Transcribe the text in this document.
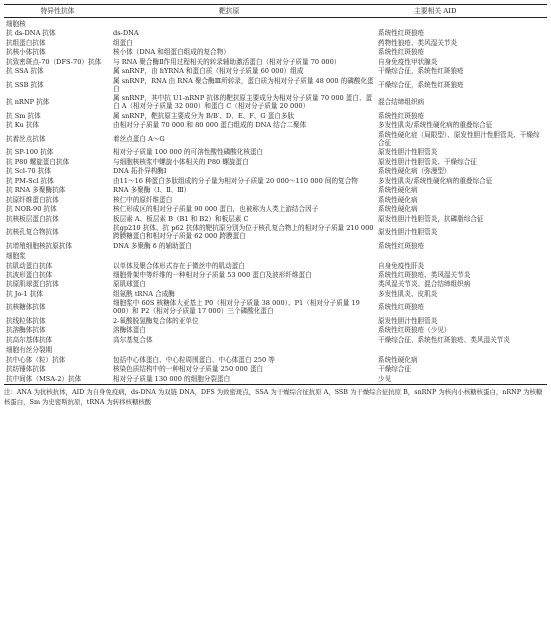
特异性抗体	靶抗原	主要相关 AID
细胞核		
抗 ds-DNA 抗体	ds-DNA	系统性红斑狼疮
抗组蛋白抗体	组蛋白	药物性狼疮、类风湿关节炎
抗核小体抗体	核小体（DNA 和组蛋白组成的复合物）	系统性红斑狼疮
抗致密斑点-70（DFS-70）抗体	与 RNA 聚合酶Ⅱ作用过程相关的转录辅助激活蛋白（相对分子质量 70 000）	自身免疫性甲状腺炎
抗 SSA 抗体	属 snRNP，由 hYRNA 和蛋白质（相对分子质量 60 000）组成	干燥综合征，系统性红斑狼疮
抗 SSB 抗体	属 snRNP，RNA 由 RNA 聚合酶Ⅲ所转录，蛋白质为相对分子质量 48 000 的磷酸化蛋白	干燥综合征，系统性红斑狼疮
抗 nRNP 抗体	属 snRNP，其中抗 U1-nRNP 抗体的靶抗原主要成分为相对分子质量 70 000 蛋白、蛋白 A（相对分子质量 32 000）和蛋白 C（相对分子质量 20 000）	混合结缔组织病
抗 Sm 抗体	属 snRNP，靶抗原主要成分为 B/B′、D、E、F、G 蛋白多肽	系统性红斑狼疮
抗 Ku 抗体	由相对分子质量 70 000 和 80 000 蛋白组成的 DNA 结合二聚体	多发性肌炎/系统性硬化病的重叠综合征
抗着丝点抗体	着丝点蛋白 A～G	系统性硬化症（局限型）、原发性胆汁性胆管炎、干燥综合征
抗 SP-100 抗体	相对分子质量 100 000 的可溶性酸性磷酸化核蛋白	原发性胆汁性胆管炎
抗 P80 螺旋蛋白抗体	与细胞核核浆中螺旋小体相关的 P80 螺旋蛋白	原发性胆汁性胆管炎、干燥综合征
抗 Scl-70 抗体	DNA 拓扑异构酶Ⅰ	系统性硬化病（弥漫型）
抗 PM-Scl 抗体	由11～16 种蛋白多肽组成的分子量为相对分子质量 20 000～110 000 间的复合物	多发性肌炎/系统性硬化病的重叠综合征
抗 RNA 多聚酶抗体	RNA 多聚酶（Ⅰ、Ⅱ、Ⅲ）	系统性硬化病
抗原纤维蛋白抗体	核仁中的原纤维蛋白	系统性硬化病
抗 NOR-90 抗体	核仁形成区的相对分子质量 90 000 蛋白，也被称为人类上游结合因子	系统性硬化病
抗核板层蛋白抗体	板层素 A、板层素 B（B1 和 B2）和板层素 C	原发性胆汁性胆管炎，抗磷脂综合征
抗核孔复合物抗体	抗gp210 抗体、抗 p62 抗体的靶抗原分别为位于核孔复合物上的相对分子质量 210 000 跨膜糖蛋白和相对分子质量 62 000 跨膜蛋白	原发性胆汁性胆管炎
抗增殖细胞核抗原抗体	DNA 多聚酶 δ 的辅助蛋白	系统性红斑狼疮
细胞浆		
抗肌动蛋白抗体	以单体及聚合体形式存在于微丝中的肌动蛋白	自身免疫性肝炎
抗波形蛋白抗体	细胞骨架中等纤维的一种相对分子质量 53 000 蛋白及波形纤维蛋白	系统性红斑狼疮、类风湿关节炎
抗原肌球蛋白抗体	原肌球蛋白	类风湿关节炎、混合结缔组织病
抗 Jo-1 抗体	组氨酰 tRNA 合成酶	多发性肌炎、皮肌炎
抗核糖体抗体	细胞浆中 60S 核糖体大亚基上 P0（相对分子质量 38 000）、P1（相对分子质量 19 000）和 P2（相对分子质量 17 000）三个磷酸化蛋白	系统性红斑狼疮
抗线粒体抗体	2-氧酸脱氢酶复合体的亚单位	原发性胆汁性胆管炎
抗溶酶体抗体	溶酶体蛋白	系统性红斑狼疮（少见）
抗高尔基体抗体	高尔基复合体	干燥综合征、系统性红斑狼疮、类风湿关节炎
细胞有丝分裂期		
抗中心体（粒）抗体	包括中心体蛋白、中心粒周围蛋白、中心体蛋白 250 等	系统性硬化病
抗纺锤体抗体	核染色质结构中的一种相对分子质量 250 000 蛋白	干燥综合征
抗中间体（MSA-2）抗体	相对分子质量 130 000 的细胞分裂蛋白	少见
注：ANA 为抗核抗体，AID 为自身免疫病，ds-DNA 为双链 DNA，DFS 为致密斑点，SSA 为干燥综合征抗原 A，SSB 为干燥综合征抗原 B，snRNP 为核内小核糖核蛋白，nRNP 为核糖核蛋白，Sm 为史密斯抗原，tRNA 为转移核糖核酸
